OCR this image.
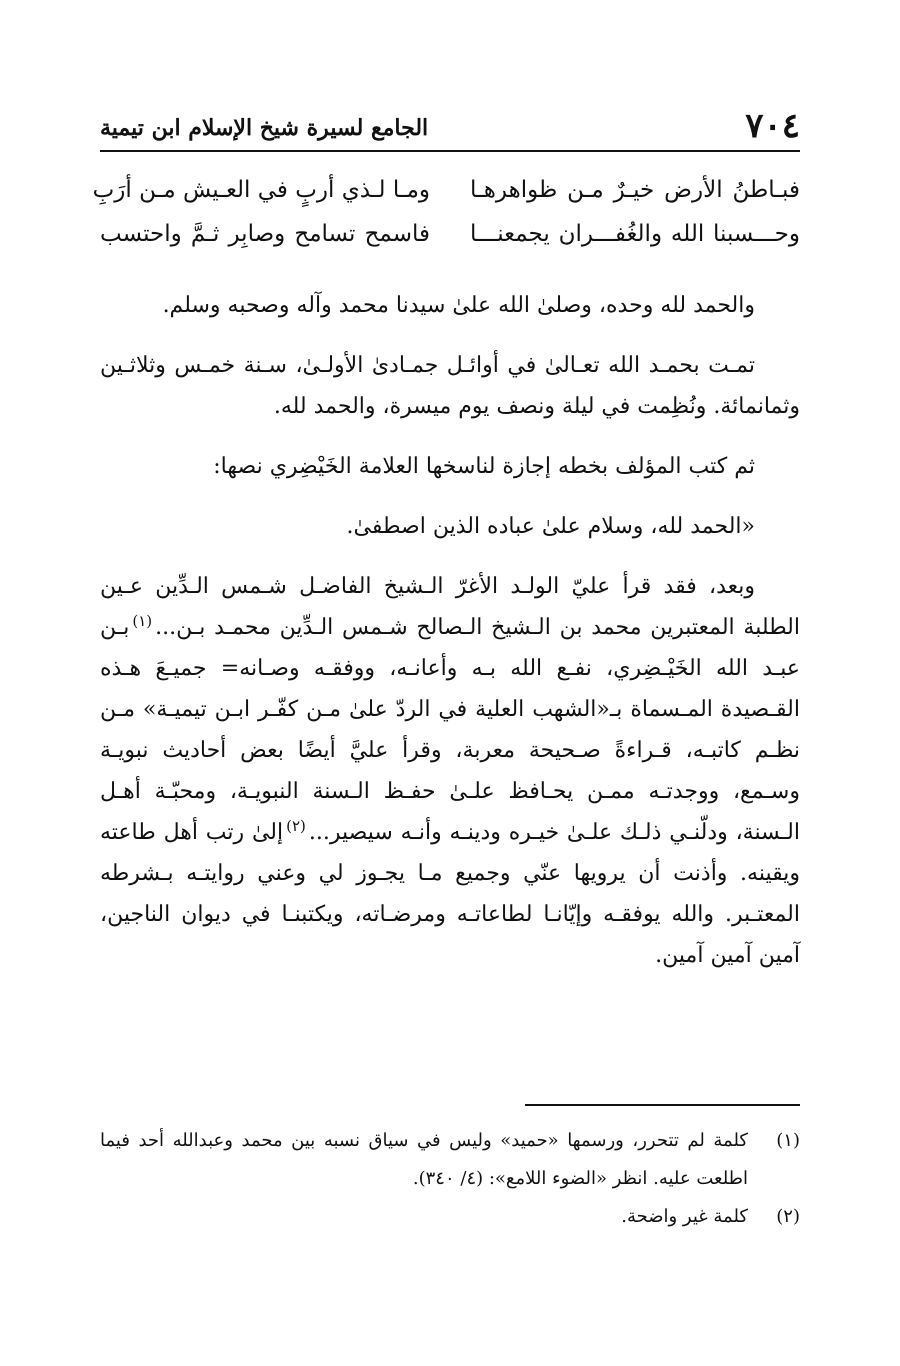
٧٠٤
الجامع لسيرة شيخ الإسلام ابن تيمية
فبـاطنُ الأرض خيـرٌ مـن ظواهرهـا
ومـا لـذي أربٍ في العـيش مـن أرَبِ
وحـــسبنا الله والغُفـــران يجمعنـــا
فاسمح تسامح وصابِر ثـمَّ واحتسب

والحمد لله وحده، وصلىٰ الله علىٰ سيدنا محمد وآله وصحبه وسلم.

تمـت بحمـد الله تعـالىٰ في أوائـل جمـادىٰ الأولـىٰ، سـنة خمـس وثلاثـين وثمانمائة. ونُظِمت في ليلة ونصف يوم ميسرة، والحمد لله.

ثم كتب المؤلف بخطه إجازة لناسخها العلامة الخَيْضِري نصها:

«الحمد لله، وسلام علىٰ عباده الذين اصطفىٰ.

وبعد، فقد قرأ عليّ الولـد الأغرّ الـشيخ الفاضـل شـمس الـدِّين عـين الطلبة المعتبرين محمد بن الـشيخ الـصالح شـمس الـدِّين محمـد بـن...$^{(١)}$بـن عبـد الله الخَيْـضِري، نفـع الله بـه وأعانـه، ووفقـه وصـانه= جميـعَ هـذه القـصيدة المـسماة بـ«الشهب العلية في الردّ علىٰ مـن كفّـر ابـن تيميـة» مـن نظـم كاتبـه، قـراءةً صـحيحة معربة، وقرأ عليَّ أيضًا بعض أحاديث نبويـة وسـمع، ووجدتـه ممـن يحـافظ علـىٰ حفـظ الـسنة النبويـة، ومحبّـة أهـل الـسنة، ودلّنـي ذلـك علـىٰ خيـره ودينـه وأنـه سيصير...$^{(٢)}$إلىٰ رتب أهل طاعته ويقينه. وأذنت أن يرويها عنّي وجميع مـا يجـوز لي وعني روايتـه بـشرطه المعتـبر. والله يوفقـه وإيّانـا لطاعاتـه ومرضـاته، ويكتبنـا في ديوان الناجين، آمين آمين آمين.

(١)
كلمة لم تتحرر، ورسمها «حميد» وليس في سياق نسبه بين محمد وعبدالله أحد فيما اطلعت عليه. انظر «الضوء اللامع»: (٤/ ٣٤٠).
(٢)
كلمة غير واضحة.
